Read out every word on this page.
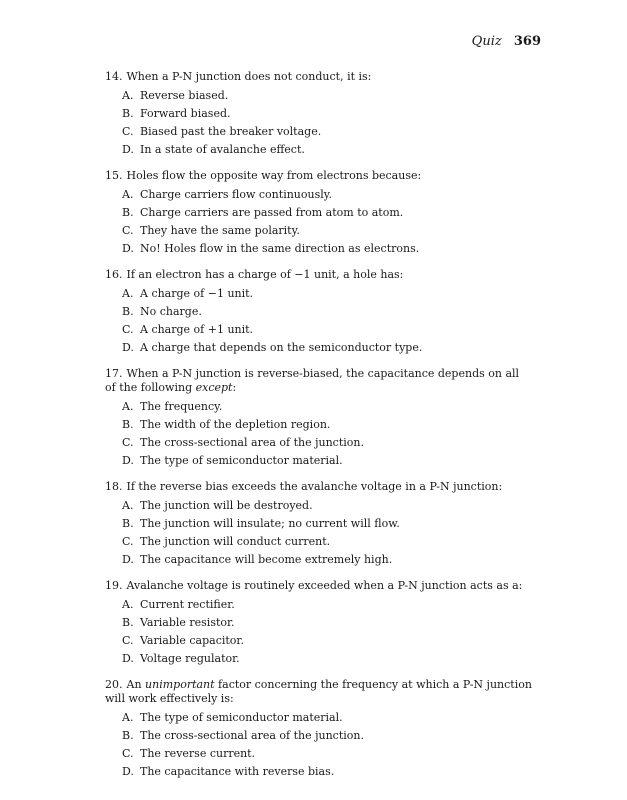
Quiz 369
14. When a P-N junction does not conduct, it is:
A. Reverse biased.
B. Forward biased.
C. Biased past the breaker voltage.
D. In a state of avalanche effect.
15. Holes flow the opposite way from electrons because:
A. Charge carriers flow continuously.
B. Charge carriers are passed from atom to atom.
C. They have the same polarity.
D. No! Holes flow in the same direction as electrons.
16. If an electron has a charge of −1 unit, a hole has:
A. A charge of −1 unit.
B. No charge.
C. A charge of +1 unit.
D. A charge that depends on the semiconductor type.
17. When a P-N junction is reverse-biased, the capacitance depends on all of the following except:
A. The frequency.
B. The width of the depletion region.
C. The cross-sectional area of the junction.
D. The type of semiconductor material.
18. If the reverse bias exceeds the avalanche voltage in a P-N junction:
A. The junction will be destroyed.
B. The junction will insulate; no current will flow.
C. The junction will conduct current.
D. The capacitance will become extremely high.
19. Avalanche voltage is routinely exceeded when a P-N junction acts as a:
A. Current rectifier.
B. Variable resistor.
C. Variable capacitor.
D. Voltage regulator.
20. An unimportant factor concerning the frequency at which a P-N junction will work effectively is:
A. The type of semiconductor material.
B. The cross-sectional area of the junction.
C. The reverse current.
D. The capacitance with reverse bias.
